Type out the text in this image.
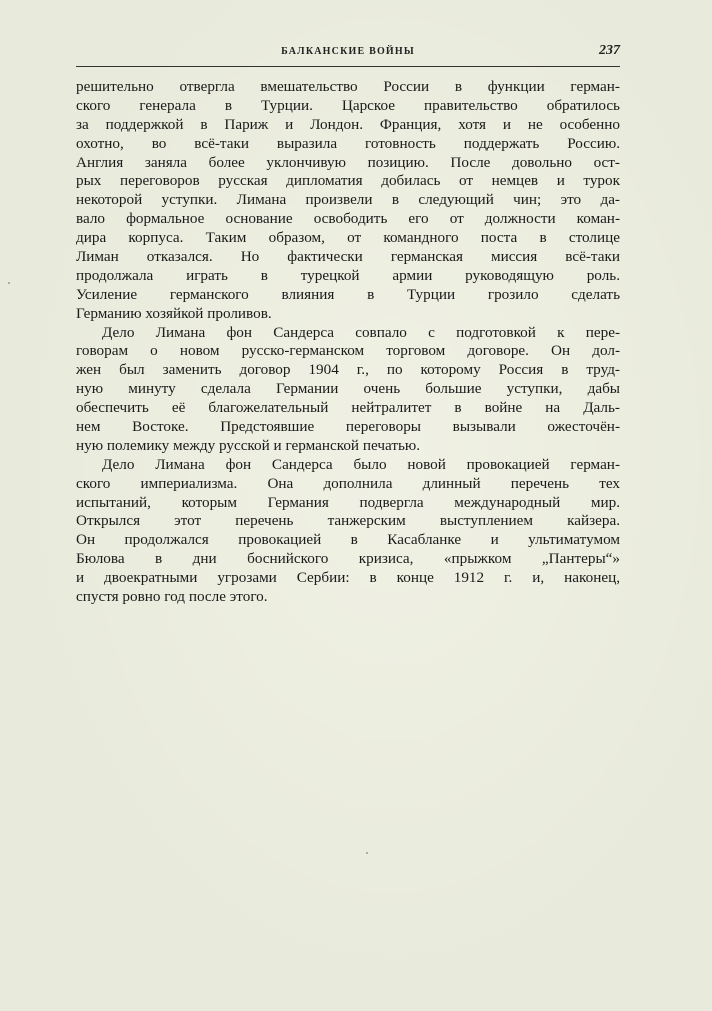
БАЛКАНСКИЕ ВОЙНЫ	237
решительно отвергла вмешательство России в функции герман-
ского генерала в Турции. Царское правительство обратилось
за поддержкой в Париж и Лондон. Франция, хотя и не особенно
охотно, во всё-таки выразила готовность поддержать Россию.
Англия заняла более уклончивую позицию. После довольно ост-
рых переговоров русская дипломатия добилась от немцев и турок
некоторой уступки. Лимана произвели в следующий чин; это да-
вало формальное основание освободить его от должности коман-
дира корпуса. Таким образом, от командного поста в столице
Лиман отказался. Но фактически германская миссия всё-таки
продолжала играть в турецкой армии руководящую роль.
Усиление германского влияния в Турции грозило сделать
Германию хозяйкой проливов.
Дело Лимана фон Сандерса совпало с подготовкой к пере-
говорам о новом русско-германском торговом договоре. Он дол-
жен был заменить договор 1904 г., по которому Россия в труд-
ную минуту сделала Германии очень большие уступки, дабы
обеспечить её благожелательный нейтралитет в войне на Даль-
нем Востоке. Предстоявшие переговоры вызывали ожесточён-
ную полемику между русской и германской печатью.
Дело Лимана фон Сандерса было новой провокацией герман-
ского империализма. Она дополнила длинный перечень тех
испытаний, которым Германия подвергла международный мир.
Открылся этот перечень танжерским выступлением кайзера.
Он продолжался провокацией в Касабланке и ультиматумом
Бюлова в дни боснийского кризиса, «прыжком „Пантеры“»
и двоекратными угрозами Сербии: в конце 1912 г. и, наконец,
спустя ровно год после этого.
